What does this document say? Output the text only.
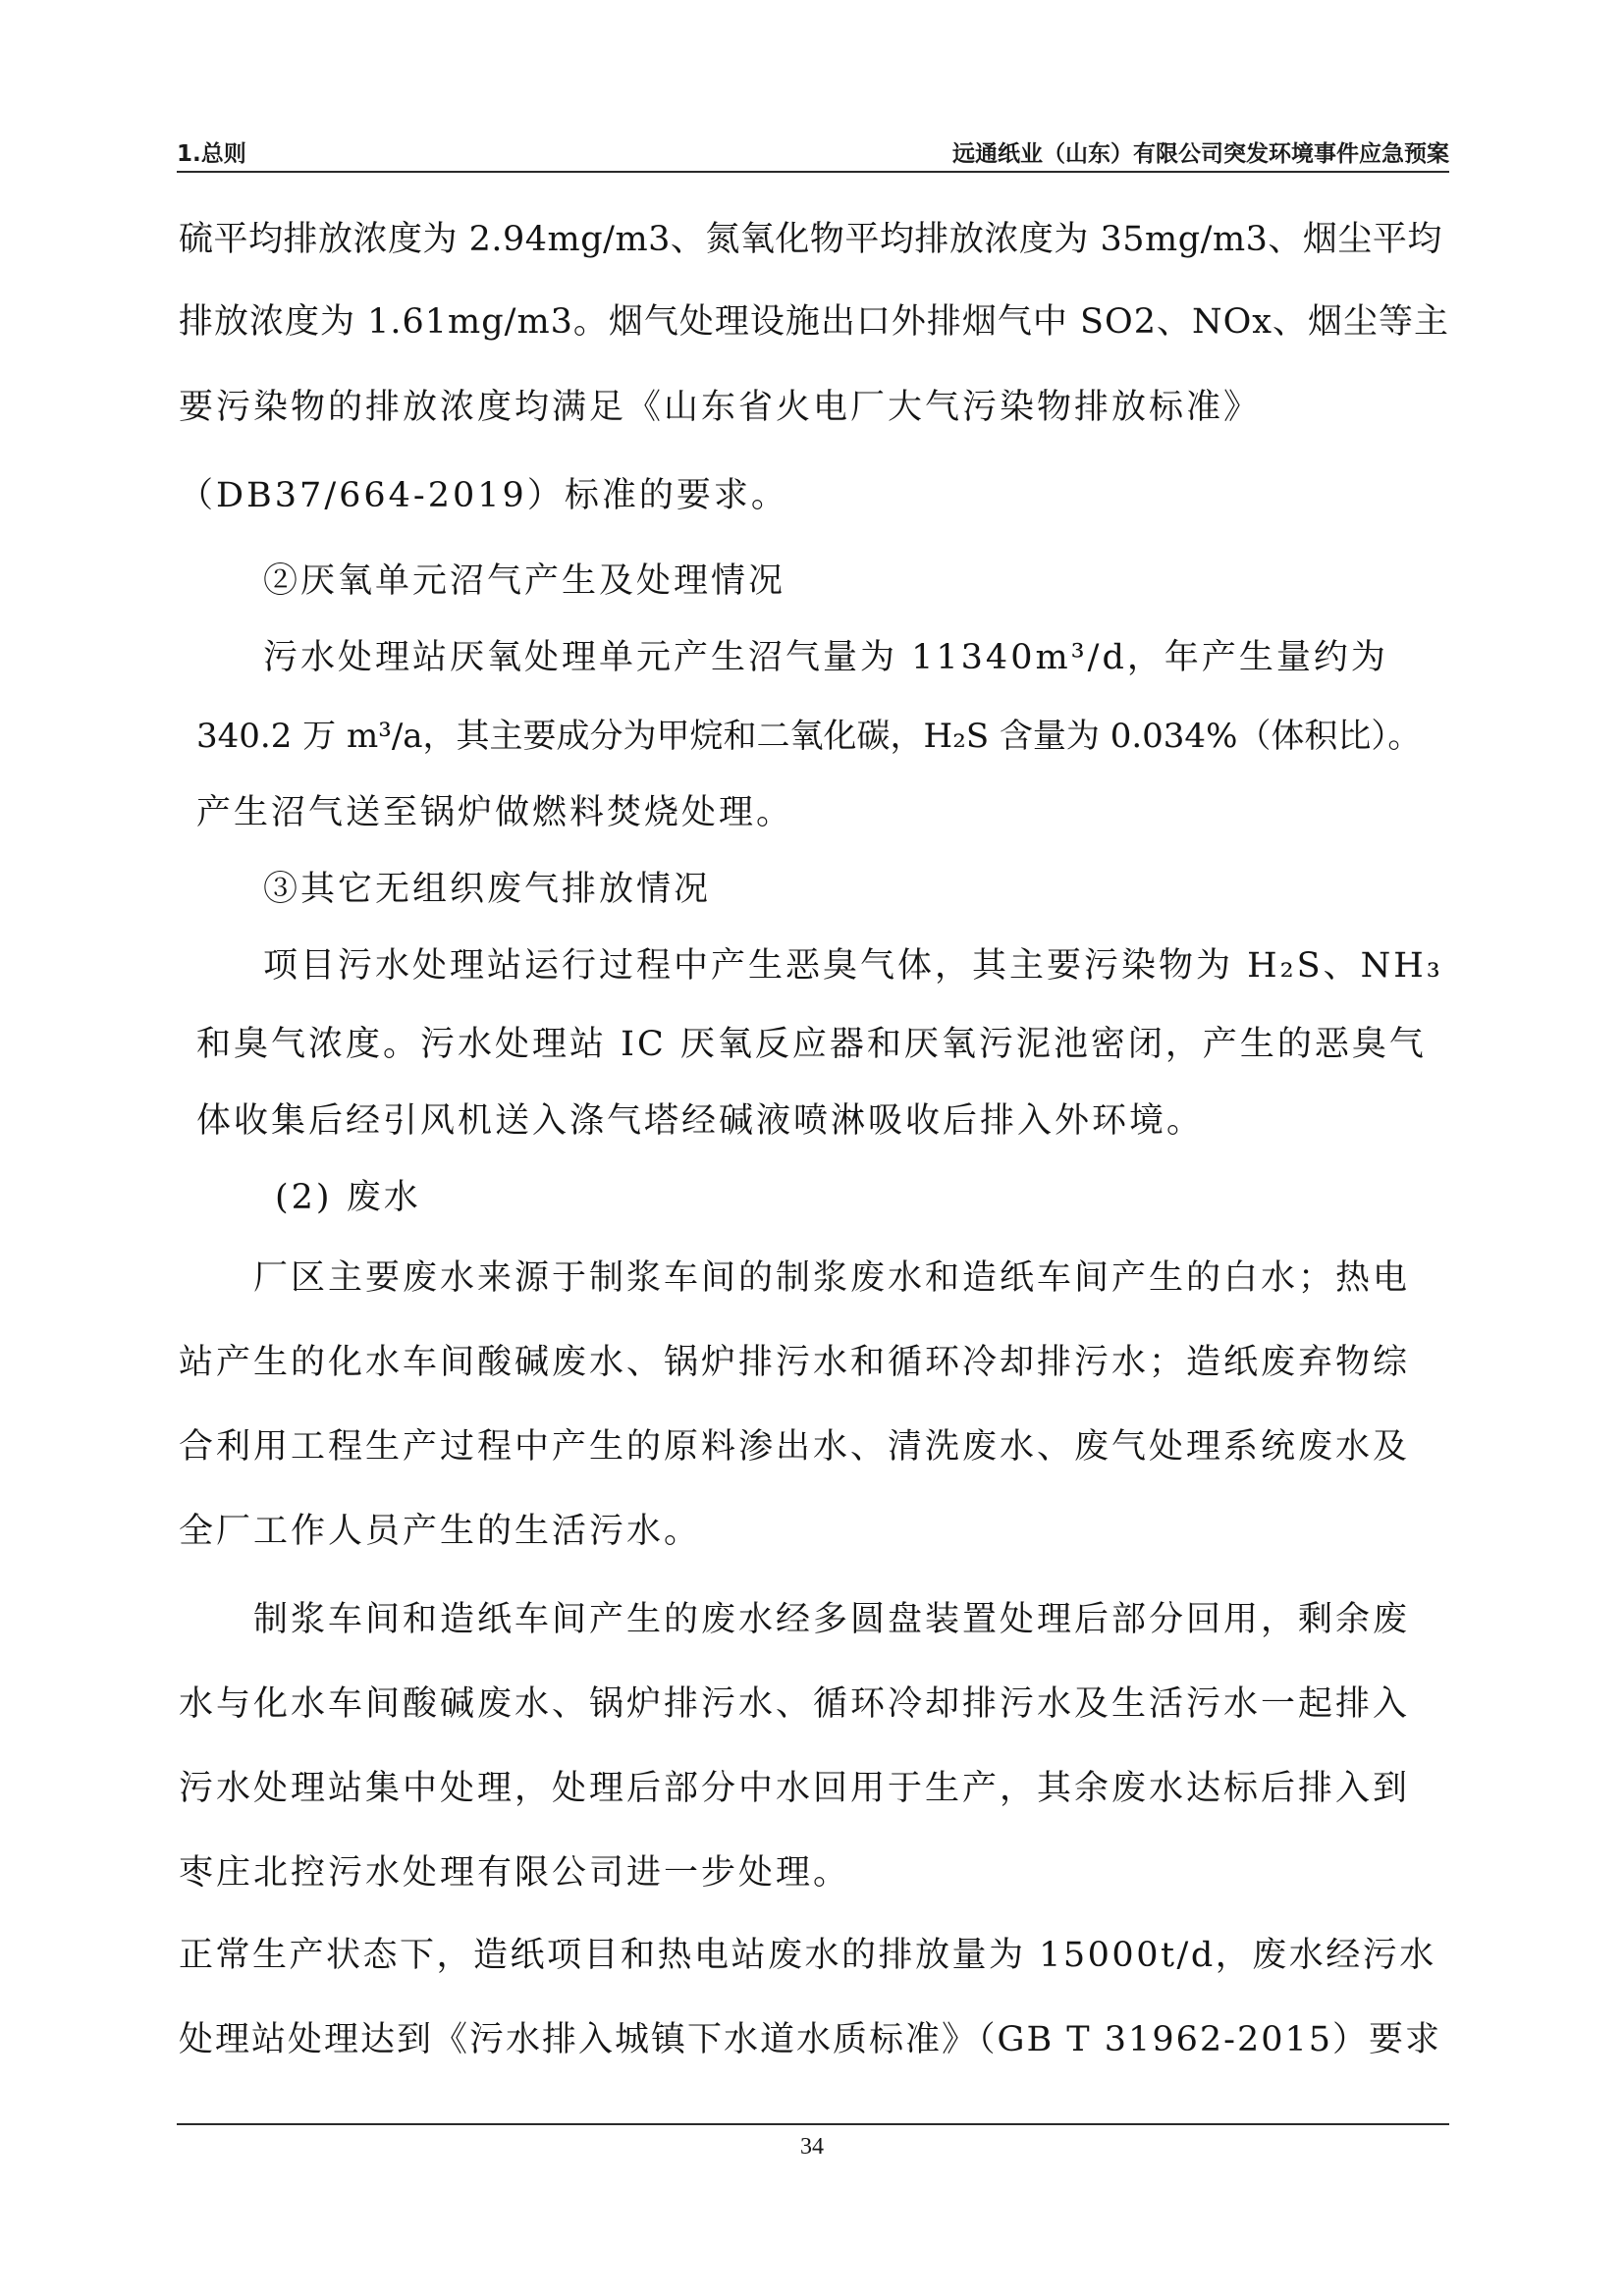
1.总则	远通纸业（山东）有限公司突发环境事件应急预案
硫平均排放浓度为 2.94mg/m3、氮氧化物平均排放浓度为 35mg/m3、烟尘平均
排放浓度为 1.61mg/m3。烟气处理设施出口外排烟气中 SO2、NOx、烟尘等主
要污染物的排放浓度均满足《山东省火电厂大气污染物排放标准》
（DB37/664-2019）标准的要求。
②厌氧单元沼气产生及处理情况
污水处理站厌氧处理单元产生沼气量为 11340m³/d，年产生量约为
340.2 万 m³/a，其主要成分为甲烷和二氧化碳，H₂S 含量为 0.034%（体积比）。
产生沼气送至锅炉做燃料焚烧处理。
③其它无组织废气排放情况
项目污水处理站运行过程中产生恶臭气体，其主要污染物为 H₂S、NH₃
和臭气浓度。污水处理站 IC 厌氧反应器和厌氧污泥池密闭，产生的恶臭气
体收集后经引风机送入涤气塔经碱液喷淋吸收后排入外环境。
(2) 废水
厂区主要废水来源于制浆车间的制浆废水和造纸车间产生的白水；热电
站产生的化水车间酸碱废水、锅炉排污水和循环冷却排污水；造纸废弃物综
合利用工程生产过程中产生的原料渗出水、清洗废水、废气处理系统废水及
全厂工作人员产生的生活污水。
制浆车间和造纸车间产生的废水经多圆盘装置处理后部分回用，剩余废
水与化水车间酸碱废水、锅炉排污水、循环冷却排污水及生活污水一起排入
污水处理站集中处理，处理后部分中水回用于生产，其余废水达标后排入到
枣庄北控污水处理有限公司进一步处理。
正常生产状态下，造纸项目和热电站废水的排放量为 15000t/d，废水经污水
处理站处理达到《污水排入城镇下水道水质标准》（GB T 31962-2015）要求
34
